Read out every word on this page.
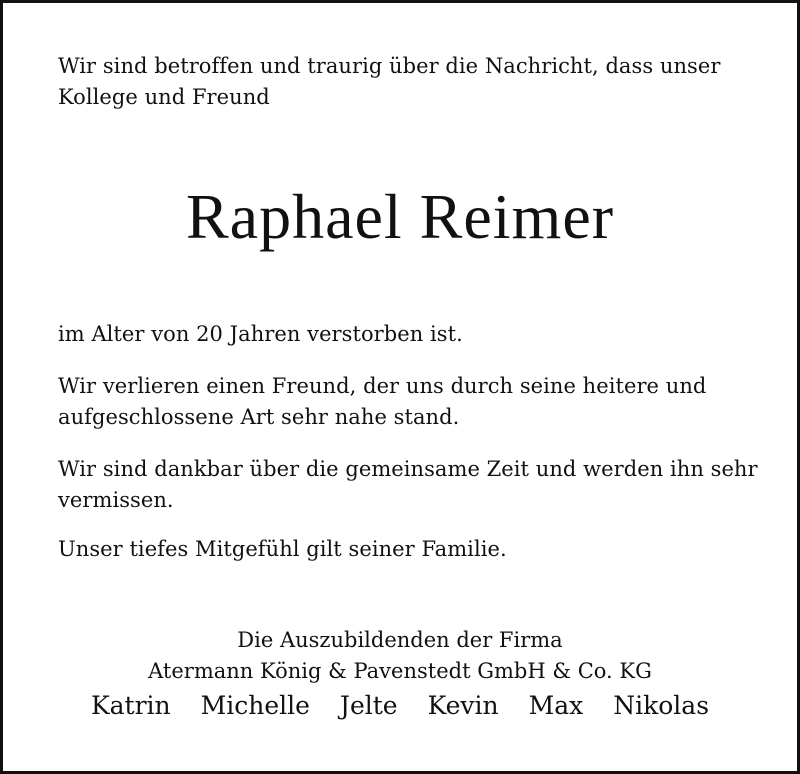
Wir sind betroffen und traurig über die Nachricht, dass unser Kollege und Freund

Raphael Reimer

im Alter von 20 Jahren verstorben ist.

Wir verlieren einen Freund, der uns durch seine heitere und aufgeschlossene Art sehr nahe stand.

Wir sind dankbar über die gemeinsame Zeit und werden ihn sehr vermissen.

Unser tiefes Mitgefühl gilt seiner Familie.

Die Auszubildenden der Firma
Atermann König & Pavenstedt GmbH & Co. KG
Katrin Michelle Jelte Kevin Max Nikolas
